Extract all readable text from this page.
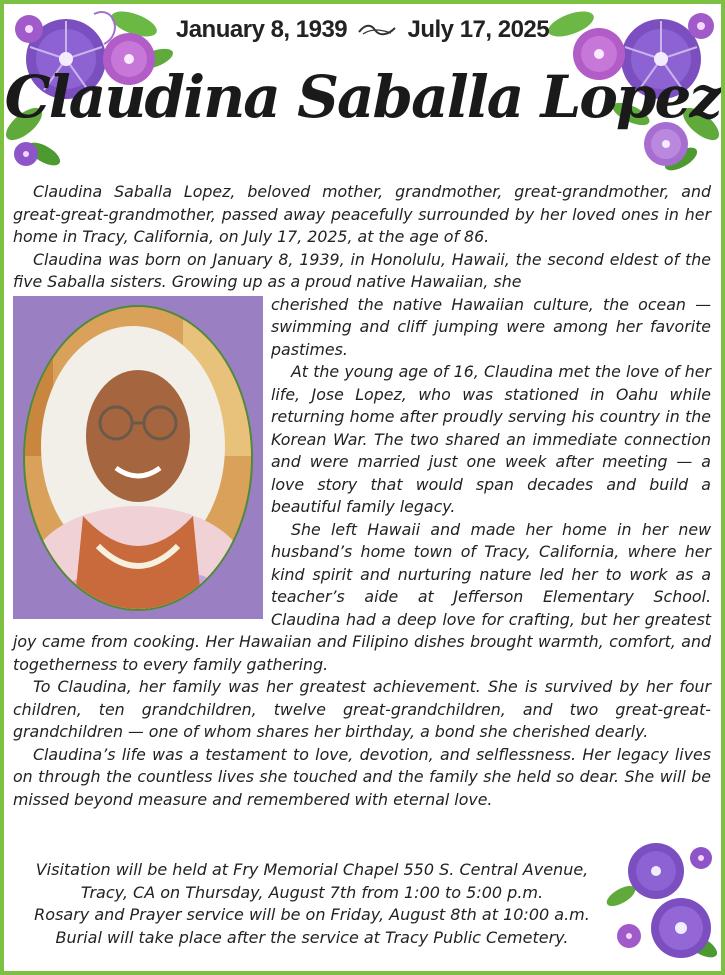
January 8, 1939	July 17, 2025
Claudina Saballa Lopez

Claudina Saballa Lopez, beloved mother, grandmother, great-grandmother, and great-great-grandmother, passed away peacefully surrounded by her loved ones in her home in Tracy, California, on July 17, 2025, at the age of 86.

Claudina was born on January 8, 1939, in Honolulu, Hawaii, the second eldest of the five Saballa sisters. Growing up as a proud native Hawaiian, she

cherished the native Hawaiian culture, the ocean — swimming and cliff jumping were among her favorite pastimes.

At the young age of 16, Claudina met the love of her life, Jose Lopez, who was stationed in Oahu while returning home after proudly serving his country in the Korean War. The two shared an immediate connection and were married just one week after meeting — a love story that would span decades and build a beautiful family legacy.

She left Hawaii and made her home in her new husband’s home town of Tracy, California, where her kind spirit and nurturing nature led her to work as a teacher’s aide at Jefferson Elementary School. Claudina had a deep love for crafting, but her greatest joy came from cooking. Her Hawaiian and Filipino dishes brought warmth, comfort, and togetherness to every family gathering.

To Claudina, her family was her greatest achievement. She is survived by her four children, ten grandchildren, twelve great-grandchildren, and two great-great-grandchildren — one of whom shares her birthday, a bond she cherished dearly.

Claudina’s life was a testament to love, devotion, and selflessness. Her legacy lives on through the countless lives she touched and the family she held so dear. She will be missed beyond measure and remembered with eternal love.

Visitation will be held at Fry Memorial Chapel 550 S. Central Avenue,
Tracy, CA on Thursday, August 7th from 1:00 to 5:00 p.m.
Rosary and Prayer service will be on Friday, August 8th at 10:00 a.m.
Burial will take place after the service at Tracy Public Cemetery.
